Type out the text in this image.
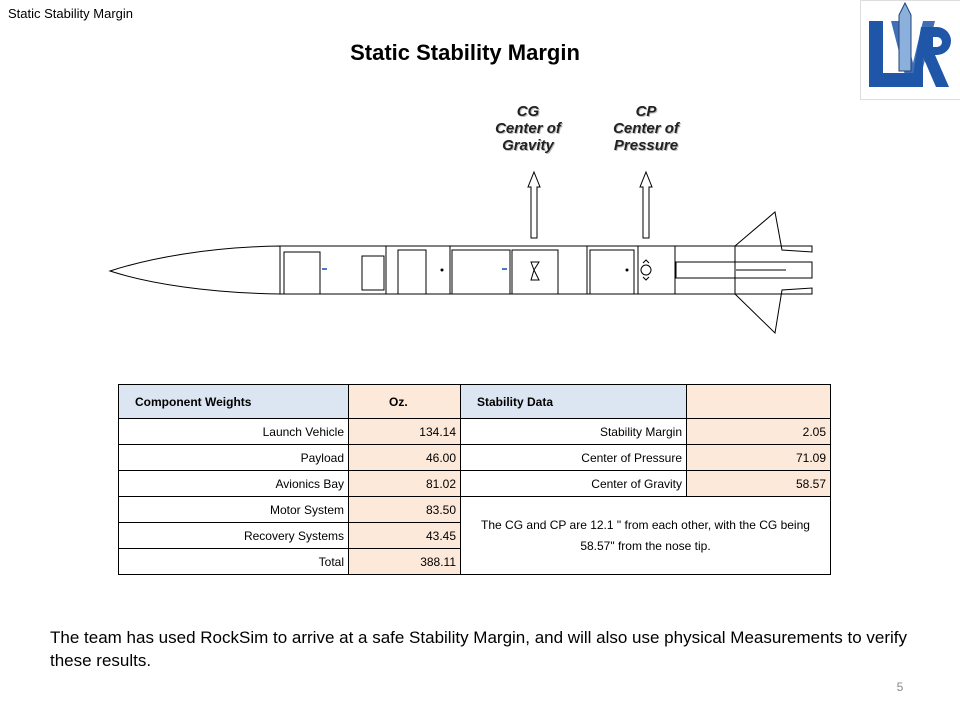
Static Stability Margin
Static Stability Margin
CG
Center of
Gravity
CP
Center of
Pressure
Component Weights	Oz.	Stability Data	
Launch Vehicle	134.14	Stability Margin	2.05
Payload	46.00	Center of Pressure	71.09
Avionics Bay	81.02	Center of Gravity	58.57
Motor System	83.50	The CG and CP are 12.1 " from each other, with the CG being 58.57" from the nose tip.	
Recovery Systems	43.45		
Total	388.11		
The team has used RockSim to arrive at a safe Stability Margin, and will also use physical Measurements to verify these results.
5
